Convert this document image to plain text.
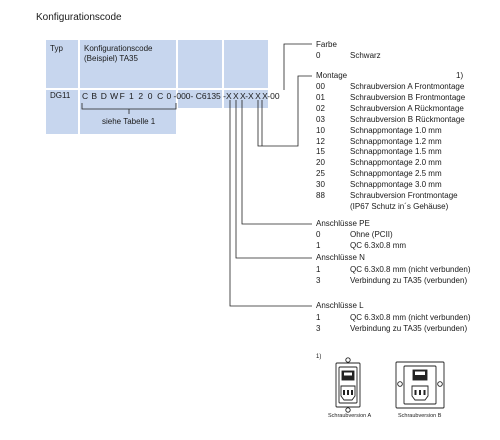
Konfigurationscode
Typ	Konfigurationscode
(Beispiel) TA35
DG11 C B D WF 1 2 0 C 0 -000- C6135 -X X X-X X X-00
siehe Tabelle 1
Farbe
0	Schwarz
Montage	1)
00	Schraubversion A Frontmontage
01	Schraubversion B Frontmontage
02	Schraubversion A Rückmontage
03	Schraubversion B Rückmontage
10	Schnappmontage 1.0 mm
12	Schnappmontage 1.2 mm
15	Schnappmontage 1.5 mm
20	Schnappmontage 2.0 mm
25	Schnappmontage 2.5 mm
30	Schnappmontage 3.0 mm
88	Schraubversion Frontmontage
(IP67 Schutz in´s Gehäuse)
Anschlüsse PE
0	Ohne (PCII)
1	QC 6.3x0.8 mm
Anschlüsse N
1	QC 6.3x0.8 mm (nicht verbunden)
3	Verbindung zu TA35 (verbunden)
Anschlüsse L
1	QC 6.3x0.8 mm (nicht verbunden)
3	Verbindung zu TA35 (verbunden)
1)
Schraubversion A	Schraubversion B
